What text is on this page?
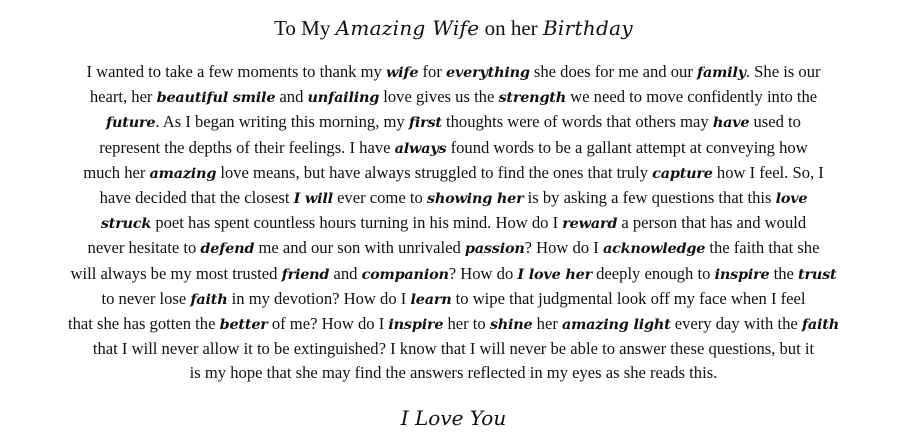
To My Amazing Wife on her Birthday
I wanted to take a few moments to thank my wife for everything she does for me and our family. She is our
heart, her beautiful smile and unfailing love gives us the strength we need to move confidently into the
future. As I began writing this morning, my first thoughts were of words that others may have used to
represent the depths of their feelings. I have always found words to be a gallant attempt at conveying how
much her amazing love means, but have always struggled to find the ones that truly capture how I feel. So, I
have decided that the closest I will ever come to showing her is by asking a few questions that this love
struck poet has spent countless hours turning in his mind. How do I reward a person that has and would
never hesitate to defend me and our son with unrivaled passion? How do I acknowledge the faith that she
will always be my most trusted friend and companion? How do I love her deeply enough to inspire the trust
to never lose faith in my devotion? How do I learn to wipe that judgmental look off my face when I feel
that she has gotten the better of me? How do I inspire her to shine her amazing light every day with the faith
that I will never allow it to be extinguished? I know that I will never be able to answer these questions, but it
is my hope that she may find the answers reflected in my eyes as she reads this.
I Love You
